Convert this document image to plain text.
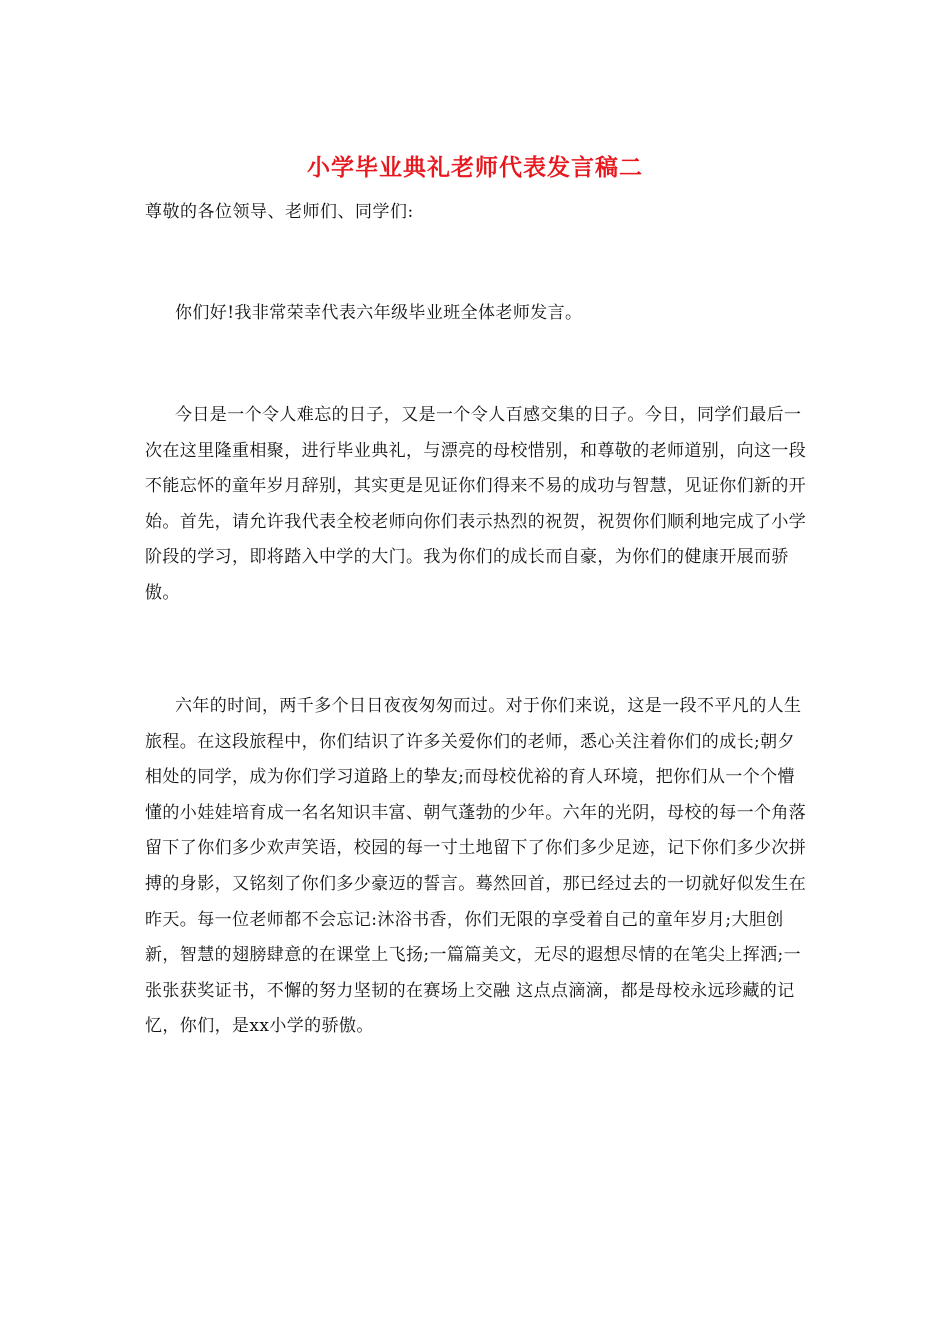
小学毕业典礼老师代表发言稿二
尊敬的各位领导、老师们、同学们:

你们好!我非常荣幸代表六年级毕业班全体老师发言。

今日是一个令人难忘的日子，又是一个令人百感交集的日子。今日，同学们最后一次在这里隆重相聚，进行毕业典礼，与漂亮的母校惜别，和尊敬的老师道别，向这一段不能忘怀的童年岁月辞别，其实更是见证你们得来不易的成功与智慧，见证你们新的开始。首先，请允许我代表全校老师向你们表示热烈的祝贺，祝贺你们顺利地完成了小学阶段的学习，即将踏入中学的大门。我为你们的成长而自豪，为你们的健康开展而骄傲。

六年的时间，两千多个日日夜夜匆匆而过。对于你们来说，这是一段不平凡的人生旅程。在这段旅程中，你们结识了许多关爱你们的老师，悉心关注着你们的成长;朝夕相处的同学，成为你们学习道路上的挚友;而母校优裕的育人环境，把你们从一个个懵懂的小娃娃培育成一名名知识丰富、朝气蓬勃的少年。六年的光阴，母校的每一个角落留下了你们多少欢声笑语，校园的每一寸土地留下了你们多少足迹，记下你们多少次拼搏的身影，又铭刻了你们多少豪迈的誓言。蓦然回首，那已经过去的一切就好似发生在昨天。每一位老师都不会忘记:沐浴书香，你们无限的享受着自己的童年岁月;大胆创新，智慧的翅膀肆意的在课堂上飞扬;一篇篇美文，无尽的遐想尽情的在笔尖上挥洒;一张张获奖证书，不懈的努力坚韧的在赛场上交融 这点点滴滴，都是母校永远珍藏的记忆，你们，是xx小学的骄傲。
